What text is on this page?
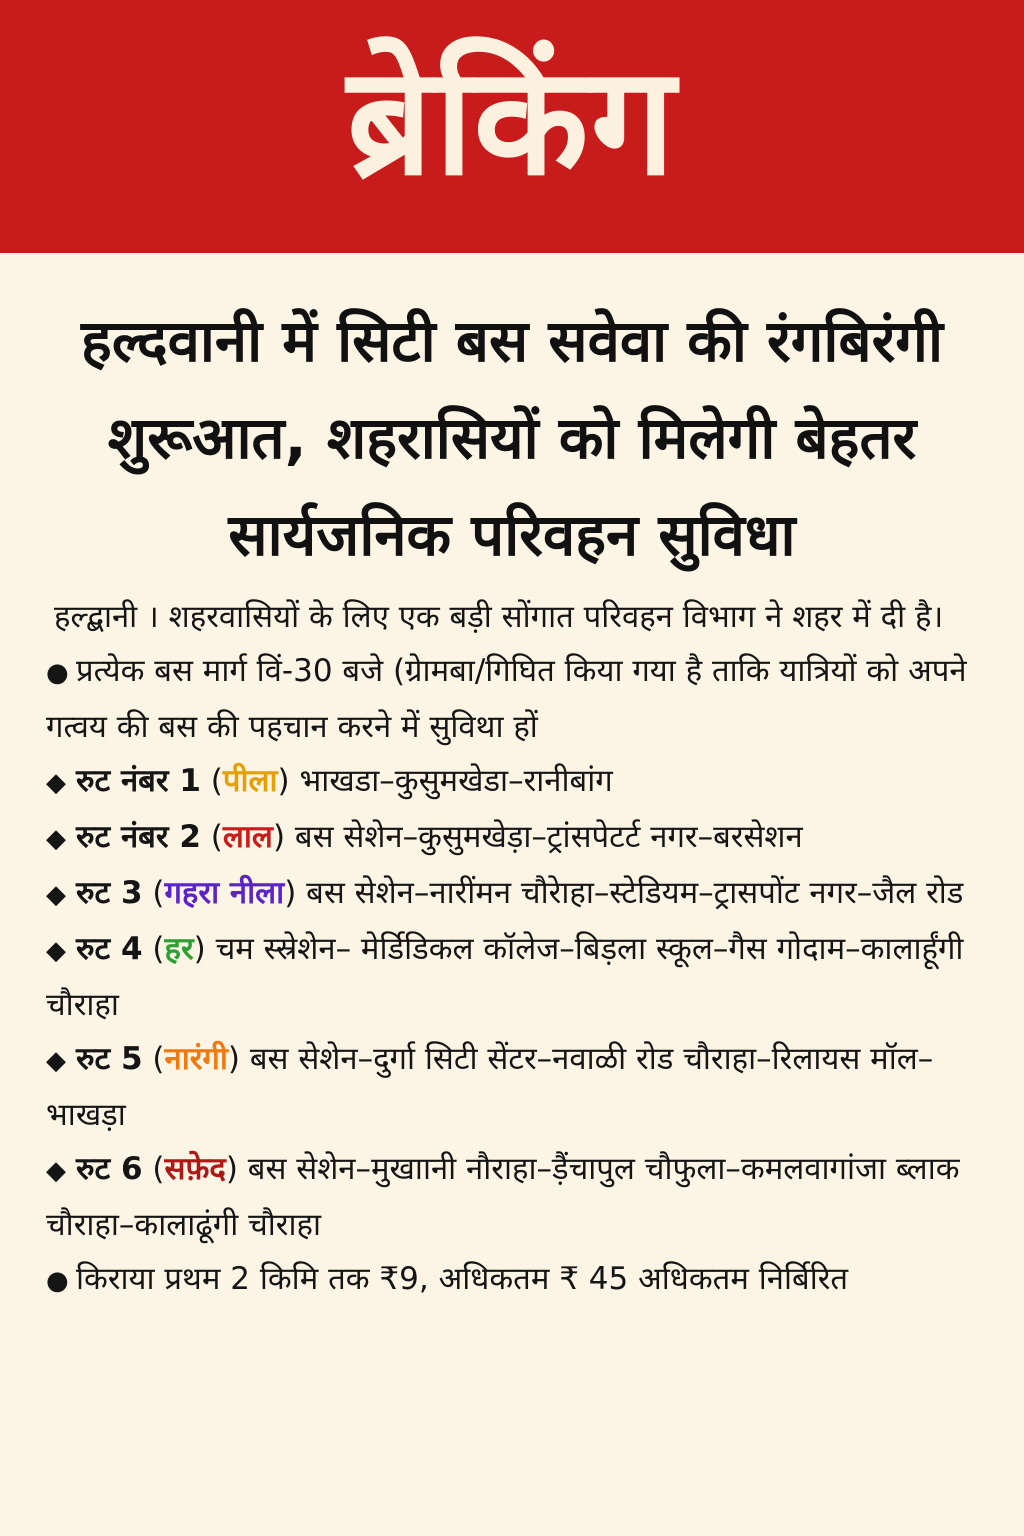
ब्रेकिंग
हल्दवानी में सिटी बस सवेवा की रंगबिरंगी शुरूआत, शहरासियों को मिलेगी बेहतर सार्यजनिक परिवहन सुविधा
हल्द्बानी । शहरवासियों के लिए एक बड़ी सोंगात परिवहन विभाग ने शहर में दी है।
● प्रत्येक बस मार्ग विं-30 बजे (ग्रेामबा/गिघित किया गया है ताकि यात्रियों को अपने गत्वय की बस की पहचान करने में सुविथा हों
◆ रुट नंबर 1 (पीला) भाखडा–कुसुमखेडा–रानीबांग
◆ रुट नंबर 2 (लाल) बस सेशेन–कुसुमखेड़ा–ट्रांसपेटर्ट नगर–बरसेशन
◆ रुट 3 (गहरा नीला) बस सेशेन–नारींमन चौरेाहा–स्टेडियम–ट्रासपोंट नगर–जैल रोड
◆ रुट 4 (हर) चम स्स्रेशेन– मेर्डिडिकल कॉलेज–बिड़ला स्कूल–गैस गोदाम–कालार्हूंगी चौराहा
◆ रुट 5 (नारंगी) बस सेशेन–दुर्गा सिटी सेंटर–नवाळी रोड चौराहा–रिलायस मॉल–भाखड़ा
◆ रुट 6 (सफ़ेद) बस सेशेन–मुखाानी नौराहा–ड़ैंचापुल चौफुला–कमलवागांजा ब्लाक चौराहा–कालाढूंगी चौराहा
● किराया प्रथम 2 किमि तक ₹9, अधिकतम ₹ 45 अधिकतम निर्बिरित
